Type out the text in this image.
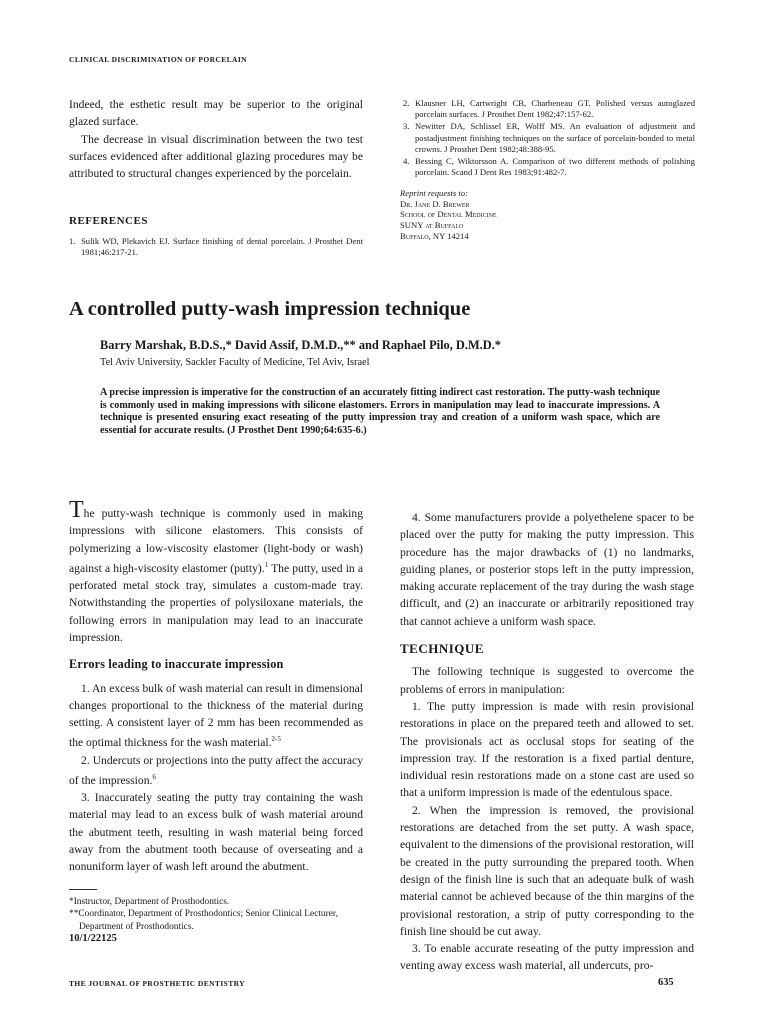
CLINICAL DISCRIMINATION OF PORCELAIN

Indeed, the esthetic result may be superior to the original glazed surface.

The decrease in visual discrimination between the two test surfaces evidenced after additional glazing procedures may be attributed to structural changes experienced by the porcelain.

REFERENCES
1. Sulik WD, Plekavich EJ. Surface finishing of dental porcelain. J Prosthet Dent 1981;46:217-21.
2. Klausner LH, Cartwright CB, Charbeneau GT. Polished versus autoglazed porcelain surfaces. J Prosthet Dent 1982;47:157-62.
3. Newitter DA, Schlissel ER, Wolff MS. An evaluation of adjustment and postadjustment finishing techniques on the surface of porcelain-bonded to metal crowns. J Prosthet Dent 1982;48:388-95.
4. Bessing C, Wiktorsson A. Comparison of two different methods of polishing porcelain. Scand J Dent Res 1983;91:482-7.
Reprint requests to:
Dr. Jane D. Brewer
School of Dental Medicine
SUNY at Buffalo
Buffalo, NY 14214
A controlled putty-wash impression technique
Barry Marshak, B.D.S.,* David Assif, D.M.D.,** and Raphael Pilo, D.M.D.*
Tel Aviv University, Sackler Faculty of Medicine, Tel Aviv, Israel
A precise impression is imperative for the construction of an accurately fitting indirect cast restoration. The putty-wash technique is commonly used in making impressions with silicone elastomers. Errors in manipulation may lead to inaccurate impressions. A technique is presented ensuring exact reseating of the putty impression tray and creation of a uniform wash space, which are essential for accurate results. (J Prosthet Dent 1990;64:635-6.)

The putty-wash technique is commonly used in making impressions with silicone elastomers. This consists of polymerizing a low-viscosity elastomer (light-body or wash) against a high-viscosity elastomer (putty).$^1$ The putty, used in a perforated metal stock tray, simulates a custom-made tray. Notwithstanding the properties of polysiloxane materials, the following errors in manipulation may lead to an inaccurate impression.

Errors leading to inaccurate impression

1. An excess bulk of wash material can result in dimensional changes proportional to the thickness of the material during setting. A consistent layer of 2 mm has been recommended as the optimal thickness for the wash material.$^{2-5}$

2. Undercuts or projections into the putty affect the accuracy of the impression.$^6$

3. Inaccurately seating the putty tray containing the wash material may lead to an excess bulk of wash material around the abutment teeth, resulting in wash material being forced away from the abutment tooth because of overseating and a nonuniform layer of wash left around the abutment.

*Instructor, Department of Prosthodontics.
**Coordinator, Department of Prosthodontics; Senior Clinical Lecturer, Department of Prosthodontics.
10/1/22125

4. Some manufacturers provide a polyethelene spacer to be placed over the putty for making the putty impression. This procedure has the major drawbacks of (1) no landmarks, guiding planes, or posterior stops left in the putty impression, making accurate replacement of the tray during the wash stage difficult, and (2) an inaccurate or arbitrarily repositioned tray that cannot achieve a uniform wash space.

TECHNIQUE

The following technique is suggested to overcome the problems of errors in manipulation:

1. The putty impression is made with resin provisional restorations in place on the prepared teeth and allowed to set. The provisionals act as occlusal stops for seating of the impression tray. If the restoration is a fixed partial denture, individual resin restorations made on a stone cast are used so that a uniform impression is made of the edentulous space.

2. When the impression is removed, the provisional restorations are detached from the set putty. A wash space, equivalent to the dimensions of the provisional restoration, will be created in the putty surrounding the prepared tooth. When design of the finish line is such that an adequate bulk of wash material cannot be achieved because of the thin margins of the provisional restoration, a strip of putty corresponding to the finish line should be cut away.

3. To enable accurate reseating of the putty impression and venting away excess wash material, all undercuts, pro-

THE JOURNAL OF PROSTHETIC DENTISTRY	635
